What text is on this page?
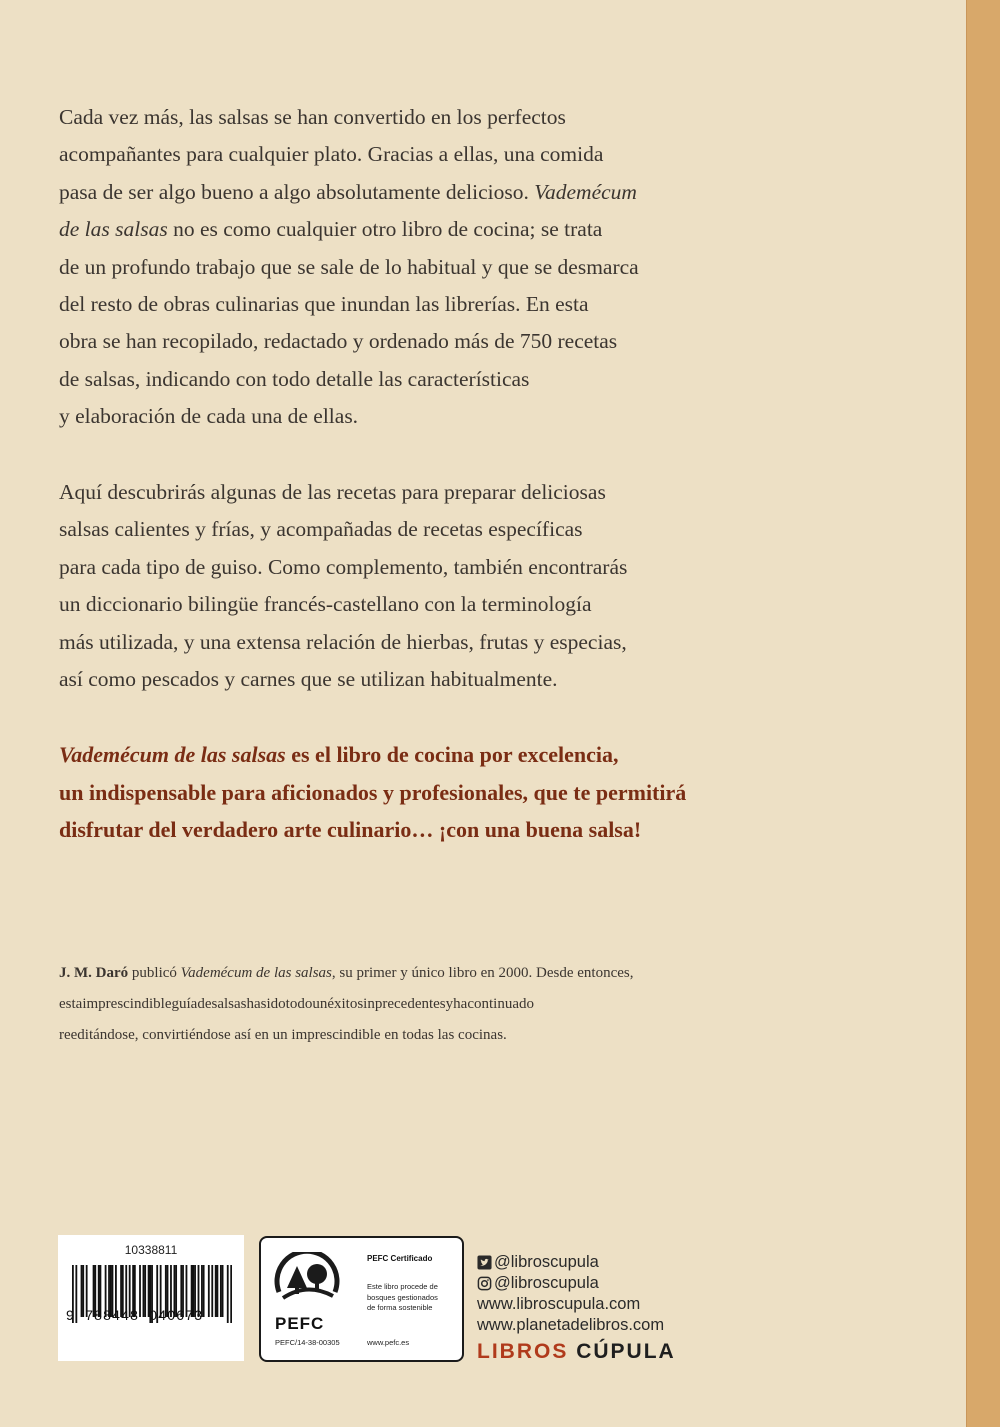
Cada vez más, las salsas se han convertido en los perfectos
acompañantes para cualquier plato. Gracias a ellas, una comida
pasa de ser algo bueno a algo absolutamente delicioso. Vademécum
de las salsas no es como cualquier otro libro de cocina; se trata
de un profundo trabajo que se sale de lo habitual y que se desmarca
del resto de obras culinarias que inundan las librerías. En esta
obra se han recopilado, redactado y ordenado más de 750 recetas
de salsas, indicando con todo detalle las características
y elaboración de cada una de ellas.

Aquí descubrirás algunas de las recetas para preparar deliciosas
salsas calientes y frías, y acompañadas de recetas específicas
para cada tipo de guiso. Como complemento, también encontrarás
un diccionario bilingüe francés-castellano con la terminología
más utilizada, y una extensa relación de hierbas, frutas y especias,
así como pescados y carnes que se utilizan habitualmente.

Vademécum de las salsas es el libro de cocina por excelencia,
un indispensable para aficionados y profesionales, que te permitirá
disfrutar del verdadero arte culinario… ¡con una buena salsa!

J. M. Daró publicó Vademécum de las salsas, su primer y único libro en 2000. Desde entonces,
estaimprescindibleguíadesalsashasidotodounéxitosinprecedentesyhacontinuado
reeditándose, convirtiéndose así en un imprescindible en todas las cocinas.

10338811
9 788448 040673	PEFC
PEFC/14-38-00305
PEFC Certificado
Este libro procede de
bosques gestionados
de forma sostenible
www.pefc.es
@libroscupula
@libroscupula
www.libroscupula.com
www.planetadelibros.com
LIBROS CÚPULA
